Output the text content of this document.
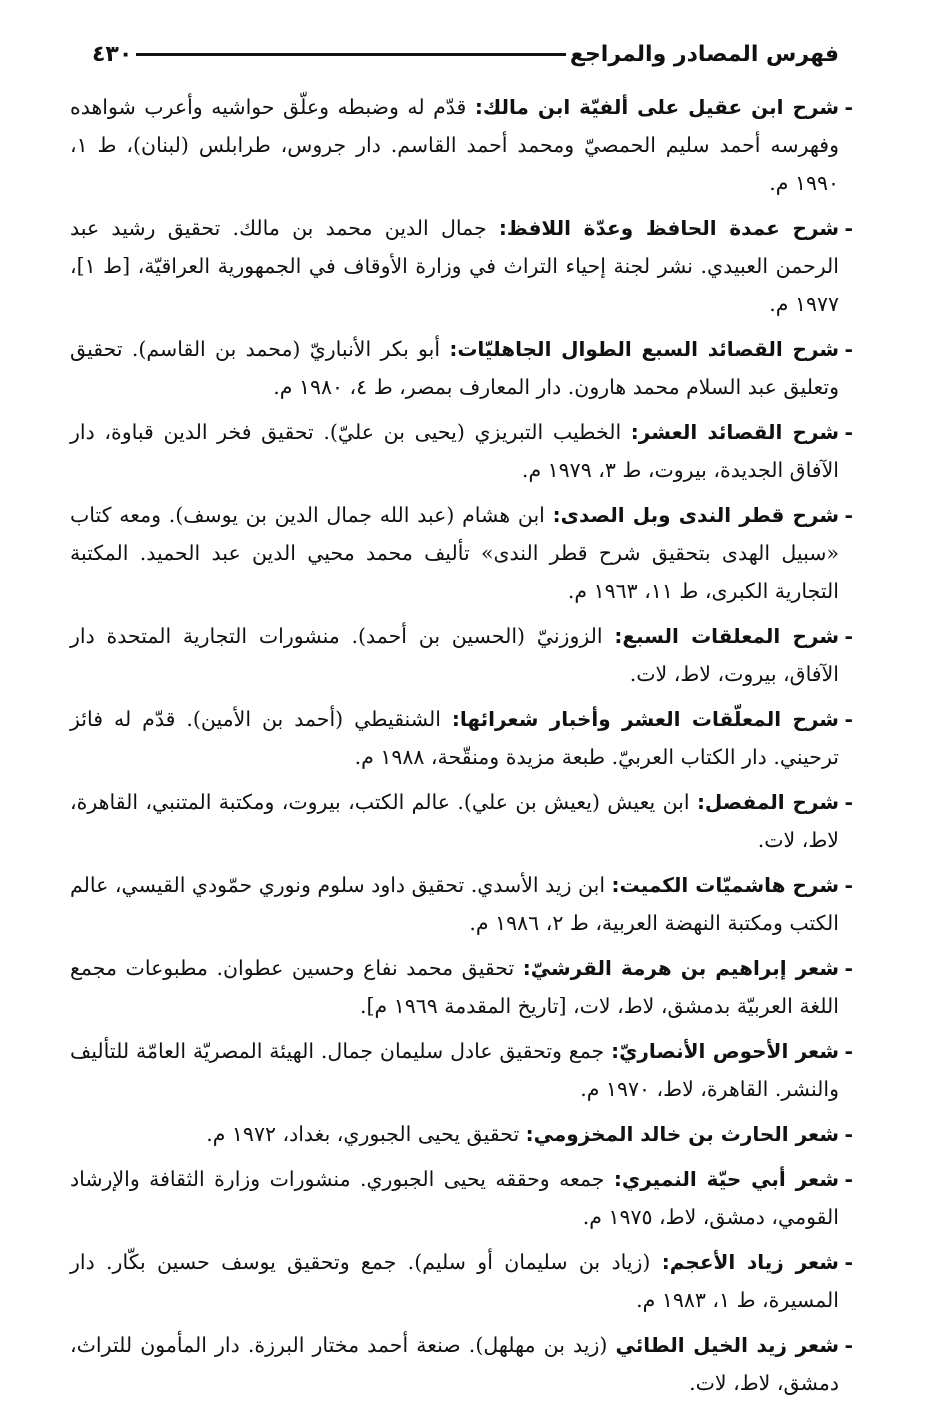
فهرس المصادر والمراجع
٤٣٠
- شرح ابن عقيل على ألفيّة ابن مالك: قدّم له وضبطه وعلّق حواشيه وأعرب شواهده وفهرسه أحمد سليم الحمصيّ ومحمد أحمد القاسم. دار جروس، طرابلس (لبنان)، ط ١، ١٩٩٠ م.
- شرح عمدة الحافظ وعدّة اللافظ: جمال الدين محمد بن مالك. تحقيق رشيد عبد الرحمن العبيدي. نشر لجنة إحياء التراث في وزارة الأوقاف في الجمهورية العراقيّة، [ط ١]، ١٩٧٧ م.
- شرح القصائد السبع الطوال الجاهليّات: أبو بكر الأنباريّ (محمد بن القاسم). تحقيق وتعليق عبد السلام محمد هارون. دار المعارف بمصر، ط ٤، ١٩٨٠ م.
- شرح القصائد العشر: الخطيب التبريزي (يحيى بن عليّ). تحقيق فخر الدين قباوة، دار الآفاق الجديدة، بيروت، ط ٣، ١٩٧٩ م.
- شرح قطر الندى وبل الصدى: ابن هشام (عبد الله جمال الدين بن يوسف). ومعه كتاب «سبيل الهدى بتحقيق شرح قطر الندى» تأليف محمد محيي الدين عبد الحميد. المكتبة التجارية الكبرى، ط ١١، ١٩٦٣ م.
- شرح المعلقات السبع: الزوزنيّ (الحسين بن أحمد). منشورات التجارية المتحدة دار الآفاق، بيروت، لاط، لات.
- شرح المعلّقات العشر وأخبار شعرائها: الشنقيطي (أحمد بن الأمين). قدّم له فائز ترحيني. دار الكتاب العربيّ. طبعة مزيدة ومنقّحة، ١٩٨٨ م.
- شرح المفصل: ابن يعيش (يعيش بن علي). عالم الكتب، بيروت، ومكتبة المتنبي، القاهرة، لاط، لات.
- شرح هاشميّات الكميت: ابن زيد الأسدي. تحقيق داود سلوم ونوري حمّودي القيسي، عالم الكتب ومكتبة النهضة العربية، ط ٢، ١٩٨٦ م.
- شعر إبراهيم بن هرمة القرشيّ: تحقيق محمد نفاع وحسين عطوان. مطبوعات مجمع اللغة العربيّة بدمشق، لاط، لات، [تاريخ المقدمة ١٩٦٩ م].
- شعر الأحوص الأنصاريّ: جمع وتحقيق عادل سليمان جمال. الهيئة المصريّة العامّة للتأليف والنشر. القاهرة، لاط، ١٩٧٠ م.
- شعر الحارث بن خالد المخزومي: تحقيق يحيى الجبوري، بغداد، ١٩٧٢ م.
- شعر أبي حيّة النميري: جمعه وحققه يحيى الجبوري. منشورات وزارة الثقافة والإرشاد القومي، دمشق، لاط، ١٩٧٥ م.
- شعر زياد الأعجم: (زياد بن سليمان أو سليم). جمع وتحقيق يوسف حسين بكّار. دار المسيرة، ط ١، ١٩٨٣ م.
- شعر زيد الخيل الطائي (زيد بن مهلهل). صنعة أحمد مختار البرزة. دار المأمون للتراث، دمشق، لاط، لات.
